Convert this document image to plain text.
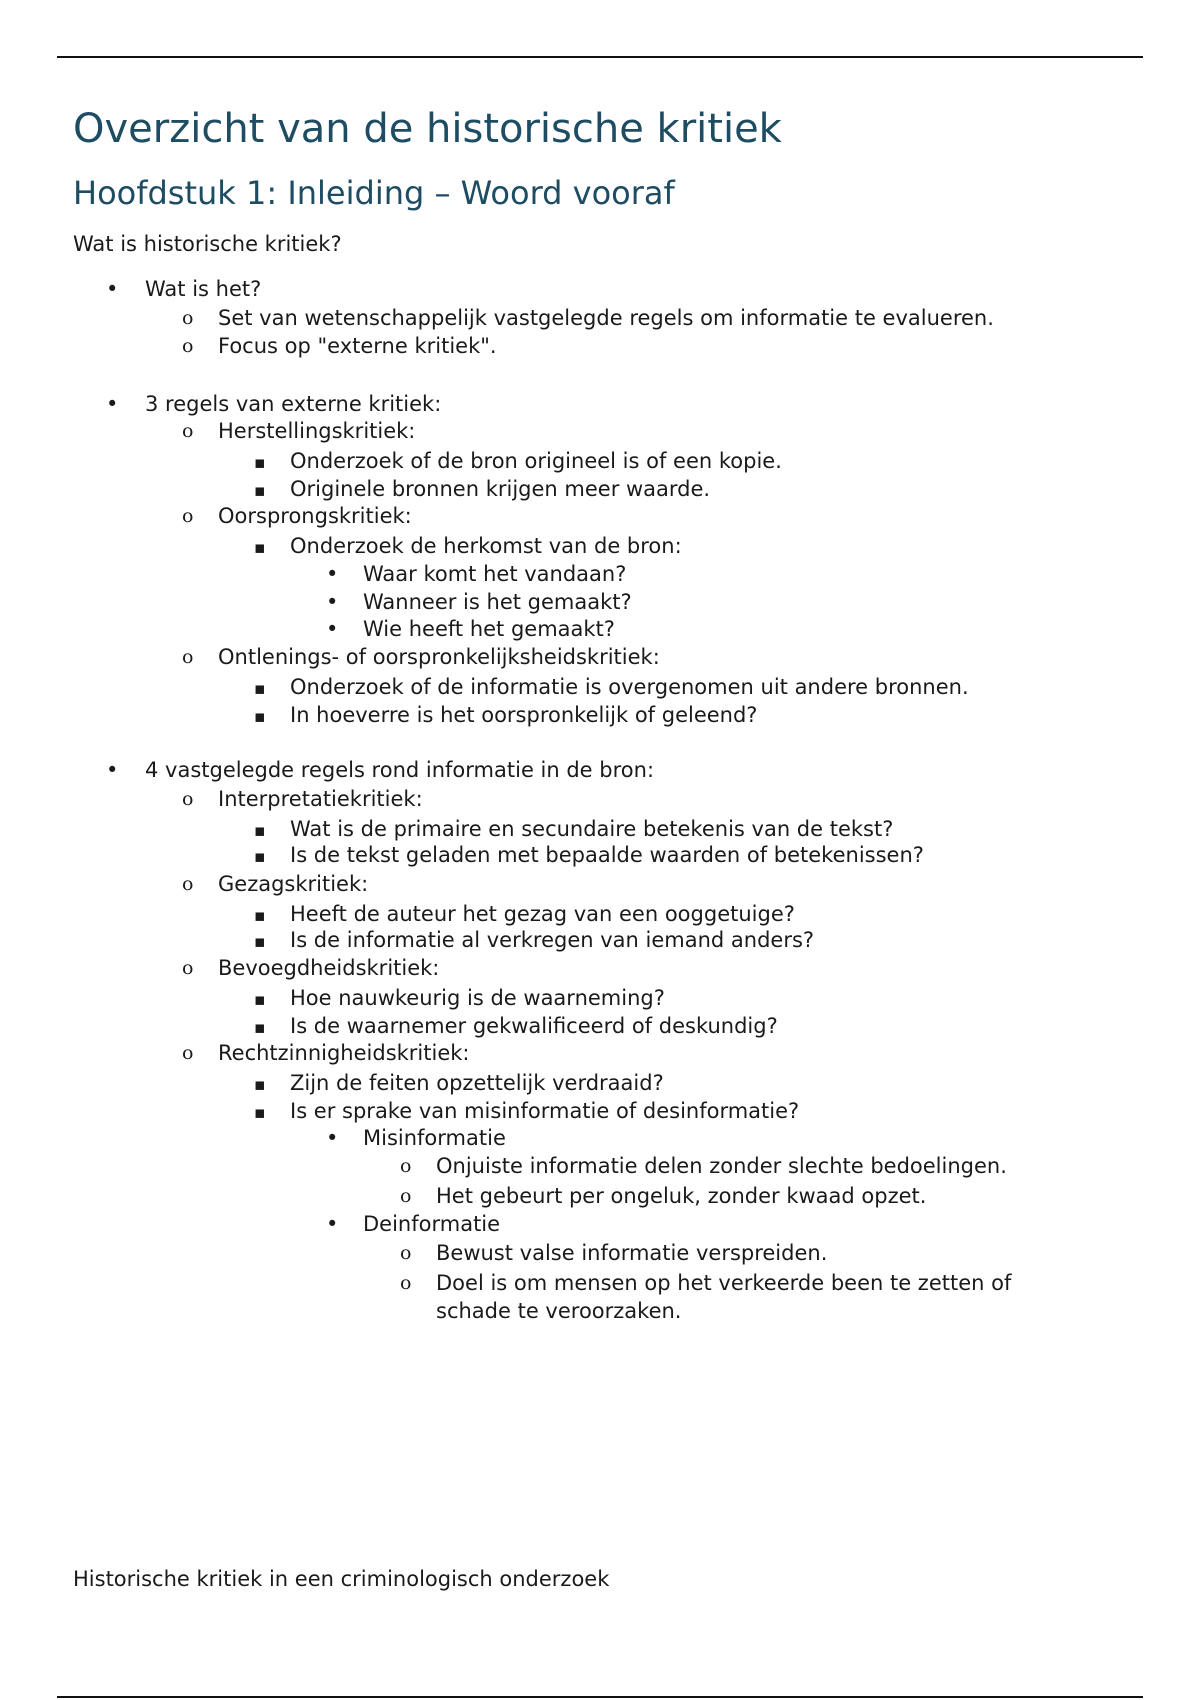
Overzicht van de historische kritiek
Hoofdstuk 1: Inleiding – Woord vooraf
Wat is historische kritiek?
•
Wat is het?
o
Set van wetenschappelijk vastgelegde regels om informatie te evalueren.
o
Focus op "externe kritiek".
•
3 regels van externe kritiek:
o
Herstellingskritiek:
▪
Onderzoek of de bron origineel is of een kopie.
▪
Originele bronnen krijgen meer waarde.
o
Oorsprongskritiek:
▪
Onderzoek de herkomst van de bron:
•
Waar komt het vandaan?
•
Wanneer is het gemaakt?
•
Wie heeft het gemaakt?
o
Ontlenings- of oorspronkelijksheidskritiek:
▪
Onderzoek of de informatie is overgenomen uit andere bronnen.
▪
In hoeverre is het oorspronkelijk of geleend?
•
4 vastgelegde regels rond informatie in de bron:
o
Interpretatiekritiek:
▪
Wat is de primaire en secundaire betekenis van de tekst?
▪
Is de tekst geladen met bepaalde waarden of betekenissen?
o
Gezagskritiek:
▪
Heeft de auteur het gezag van een ooggetuige?
▪
Is de informatie al verkregen van iemand anders?
o
Bevoegdheidskritiek:
▪
Hoe nauwkeurig is de waarneming?
▪
Is de waarnemer gekwalificeerd of deskundig?
o
Rechtzinnigheidskritiek:
▪
Zijn de feiten opzettelijk verdraaid?
▪
Is er sprake van misinformatie of desinformatie?
•
Misinformatie
o
Onjuiste informatie delen zonder slechte bedoelingen.
o
Het gebeurt per ongeluk, zonder kwaad opzet.
•
Deinformatie
o
Bewust valse informatie verspreiden.
o
Doel is om mensen op het verkeerde been te zetten of
schade te veroorzaken.
Historische kritiek in een criminologisch onderzoek
